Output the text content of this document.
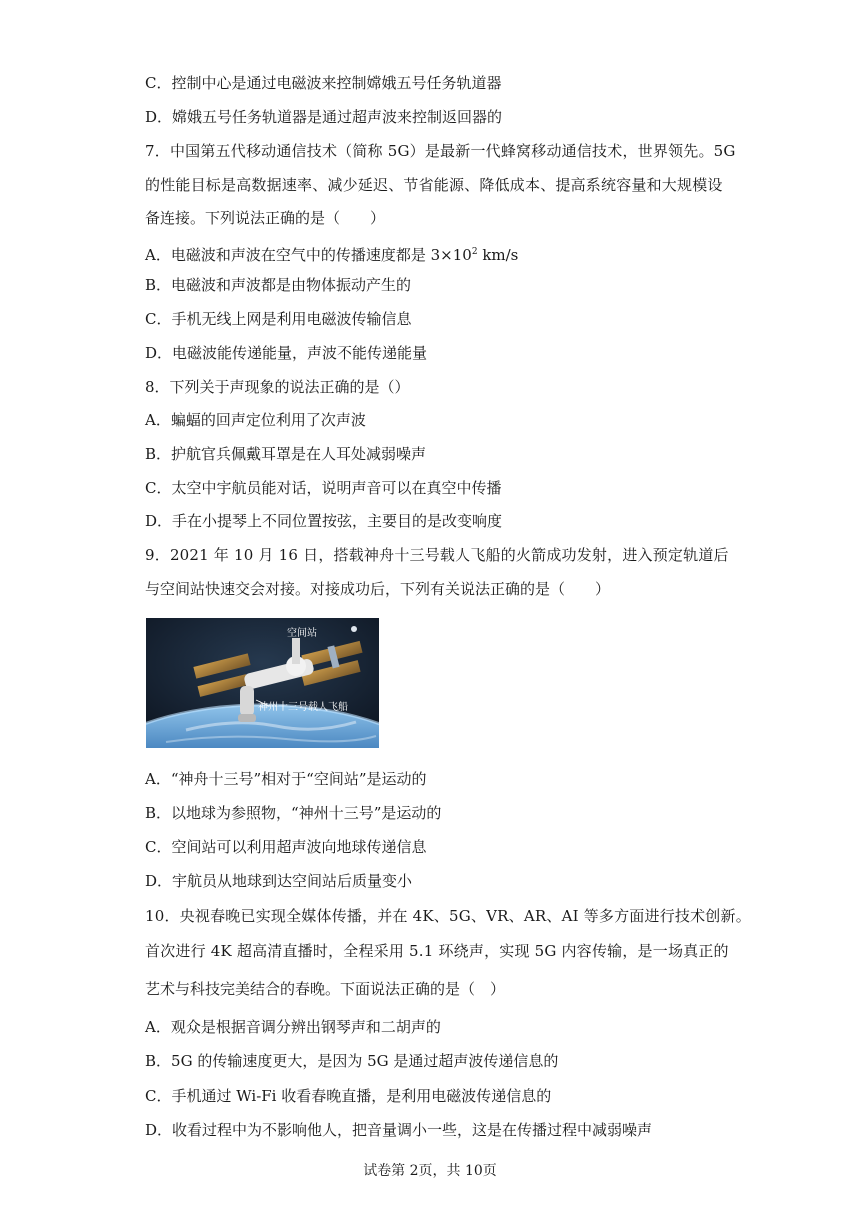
C．控制中心是通过电磁波来控制嫦娥五号任务轨道器
D．嫦娥五号任务轨道器是通过超声波来控制返回器的
7．中国第五代移动通信技术（简称 5G）是最新一代蜂窝移动通信技术，世界领先。5G
的性能目标是高数据速率、减少延迟、节省能源、降低成本、提高系统容量和大规模设
备连接。下列说法正确的是（　　）
A．电磁波和声波在空气中的传播速度都是 $3\times 10^2$ km/s
B．电磁波和声波都是由物体振动产生的
C．手机无线上网是利用电磁波传输信息
D．电磁波能传递能量，声波不能传递能量
8．下列关于声现象的说法正确的是（）
A．蝙蝠的回声定位利用了次声波
B．护航官兵佩戴耳罩是在人耳处减弱噪声
C．太空中宇航员能对话，说明声音可以在真空中传播
D．手在小提琴上不同位置按弦，主要目的是改变响度
9．2021 年 10 月 16 日，搭载神舟十三号载人飞船的火箭成功发射，进入预定轨道后
与空间站快速交会对接。对接成功后，下列有关说法正确的是（　　）
空间站
神州十三号载人飞船
A．“神舟十三号”相对于“空间站”是运动的
B．以地球为参照物，“神州十三号”是运动的
C．空间站可以利用超声波向地球传递信息
D．宇航员从地球到达空间站后质量变小
10．央视春晚已实现全媒体传播，并在 4K、5G、VR、AR、AI 等多方面进行技术创新。
首次进行 4K 超高清直播时，全程采用 5.1 环绕声，实现 5G 内容传输，是一场真正的
艺术与科技完美结合的春晚。下面说法正确的是（　）
A．观众是根据音调分辨出钢琴声和二胡声的
B．5G 的传输速度更大，是因为 5G 是通过超声波传递信息的
C．手机通过 Wi-Fi 收看春晚直播，是利用电磁波传递信息的
D．收看过程中为不影响他人，把音量调小一些，这是在传播过程中减弱噪声
试卷第 2页，共 10页
